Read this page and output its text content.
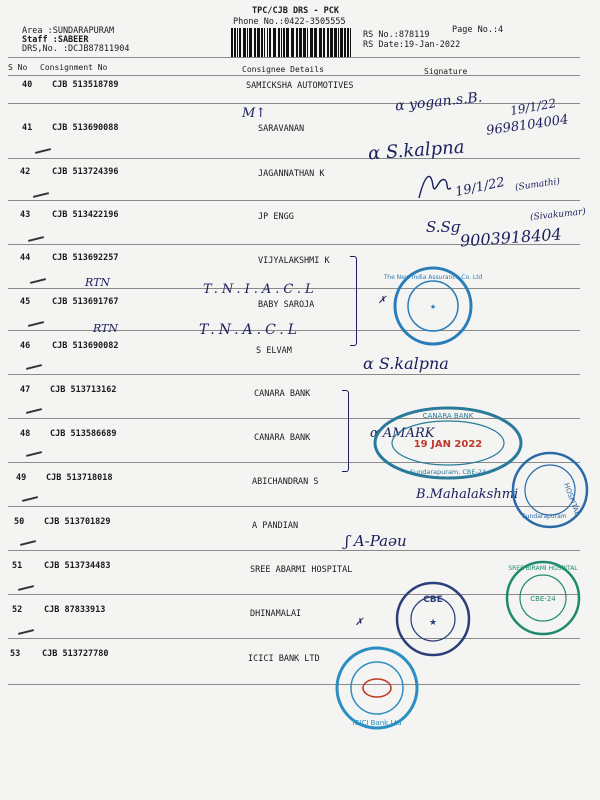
TPC/CJB DRS - PCK
Phone No.:0422-3505555
Page No.:4
Area :SUNDARAPURAM
Staff :SABEER
DRS,No. :DCJB87811904
RS No.:878119
RS Date:19-Jan-2022
S No Consignment No	Consignee Details	Signature
40 CJB 513518789	SAMICKSHA AUTOMOTIVES
41 CJB 513690088	SARAVANAN
42	CJB 513724396	JAGANNATHAN K
43	CJB 513422196	JP ENGG
44	CJB 513692257	VIJYALAKSHMI K
45	CJB 513691767	BABY SAROJA
46	CJB 513690082	S ELVAM
47 CJB 513713162	CANARA BANK
48 CJB 513586689	CANARA BANK
49 CJB 513718018	ABICHANDRAN S
50 CJB 513701829	A PANDIAN
51	CJB 513734483	SREE ABARMI HOSPITAL
52	CJB 87833913	DHINAMALAI
53	CJB 513727780	ICICI BANK LTD
α yogan.s.B. 19/1/22
9698104004
M↑
α S.kalpna
19/1/22 (Sumathi)
S.Sɡ
(Sivakumar)
9003918404
RTN	T.N.I.A.C.L
RTN	T.N.A.C.L
✗
α S.kalpna
α AMARK
B.Mahalakshmi
ʃ A-Paəu
✗
The New India Assurance Co. Ltd
★
CANARA BANK
19 JAN 2022
Sundarapuram, CBE-24
HOSPITAL
Sundarapuram
SREE BIRAMI HOSPITAL
CBE-24
CBE
★
ICICI Bank Ltd
